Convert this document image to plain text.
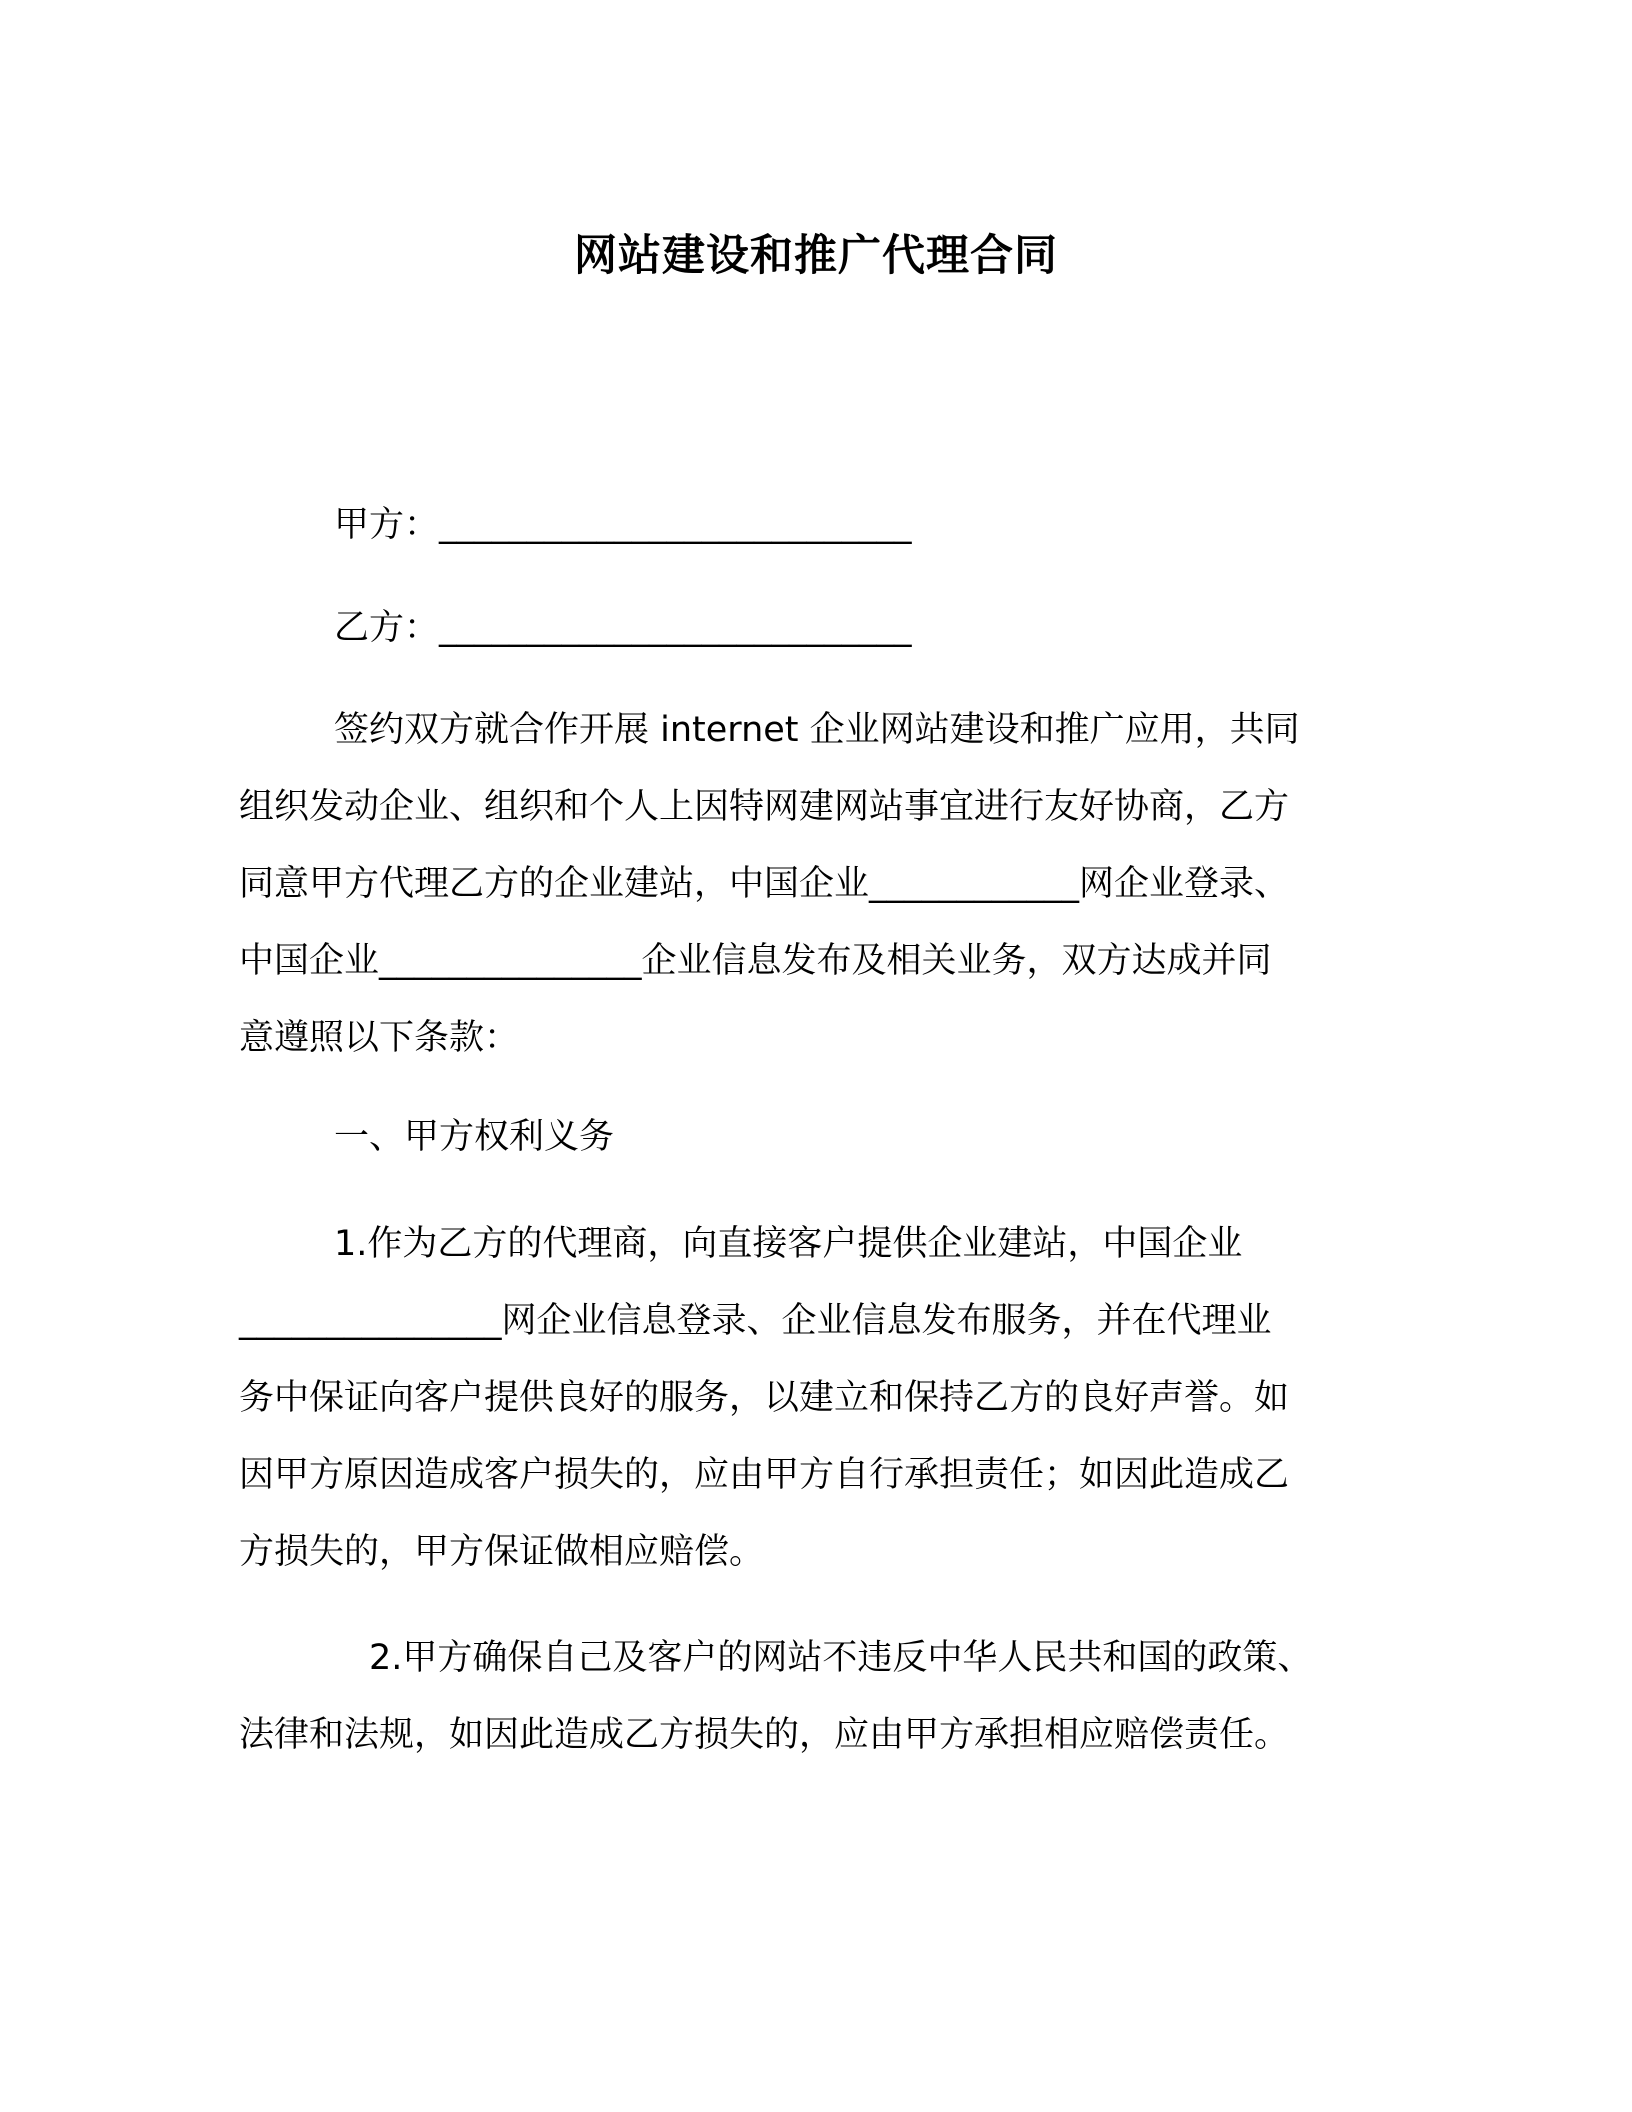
网站建设和推广代理合同
甲方：___________________________
乙方：___________________________
签约双方就合作开展 internet 企业网站建设和推广应用，共同
组织发动企业、组织和个人上因特网建网站事宜进行友好协商，乙方
同意甲方代理乙方的企业建站，中国企业____________网企业登录、
中国企业_______________企业信息发布及相关业务，双方达成并同
意遵照以下条款：
一、甲方权利义务
1.作为乙方的代理商，向直接客户提供企业建站，中国企业
_______________网企业信息登录、企业信息发布服务，并在代理业
务中保证向客户提供良好的服务，以建立和保持乙方的良好声誉。如
因甲方原因造成客户损失的，应由甲方自行承担责任；如因此造成乙
方损失的，甲方保证做相应赔偿。
2.甲方确保自己及客户的网站不违反中华人民共和国的政策、
法律和法规，如因此造成乙方损失的，应由甲方承担相应赔偿责任。
